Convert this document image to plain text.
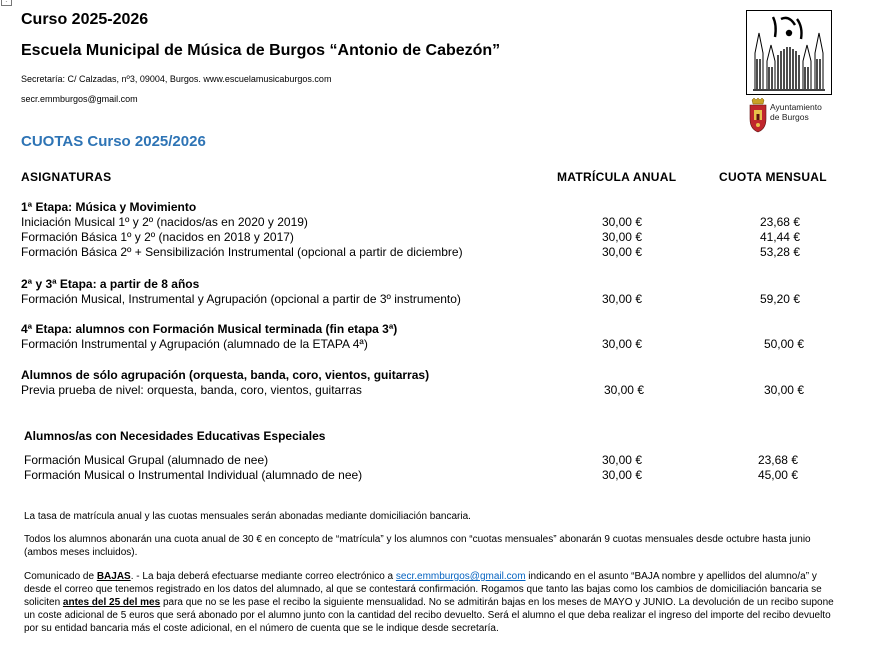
-
Curso 2025-2026
Escuela Municipal de Música de Burgos “Antonio de Cabezón”
Secretaría: C/ Calzadas, nº3, 09004, Burgos. www.escuelamusicaburgos.com
secr.emmburgos@gmail.com
Ayuntamiento
de Burgos
CUOTAS Curso 2025/2026
ASIGNATURAS	MATRÍCULA ANUAL	CUOTA MENSUAL
1ª Etapa: Música y Movimiento
Iniciación Musical 1º y 2º (nacidos/as en 2020 y 2019)	30,00 €	23,68 €
Formación Básica 1º y 2º (nacidos en 2018 y 2017)	30,00 €	41,44 €
Formación Básica 2º + Sensibilización Instrumental (opcional a partir de diciembre)	30,00 €	53,28 €
2ª y 3ª Etapa: a partir de 8 años
Formación Musical, Instrumental y Agrupación (opcional a partir de 3º instrumento)	30,00 €	59,20 €
4ª Etapa: alumnos con Formación Musical terminada (fin etapa 3ª)
Formación Instrumental y Agrupación (alumnado de la ETAPA 4ª)	30,00 €	50,00 €
Alumnos de sólo agrupación (orquesta, banda, coro, vientos, guitarras)
Previa prueba de nivel: orquesta, banda, coro, vientos, guitarras	30,00 €	30,00 €
Alumnos/as con Necesidades Educativas Especiales
Formación Musical Grupal (alumnado de nee)	30,00 €	23,68 €
Formación Musical o Instrumental Individual (alumnado de nee)	30,00 €	45,00 €
La tasa de matrícula anual y las cuotas mensuales serán abonadas mediante domiciliación bancaria.
Todos los alumnos abonarán una cuota anual de 30 € en concepto de “matrícula” y los alumnos con “cuotas mensuales” abonarán 9 cuotas mensuales desde octubre hasta junio (ambos meses incluidos).
Comunicado de BAJAS. - La baja deberá efectuarse mediante correo electrónico a secr.emmburgos@gmail.com indicando en el asunto “BAJA nombre y apellidos del alumno/a” y desde el correo que tenemos registrado en los datos del alumnado, al que se contestará confirmación. Rogamos que tanto las bajas como los cambios de domiciliación bancaria se soliciten antes del 25 del mes para que no se les pase el recibo la siguiente mensualidad. No se admitirán bajas en los meses de MAYO y JUNIO. La devolución de un recibo supone un coste adicional de 5 euros que será abonado por el alumno junto con la cantidad del recibo devuelto. Será el alumno el que deba realizar el ingreso del importe del recibo devuelto por su entidad bancaria más el coste adicional, en el número de cuenta que se le indique desde secretaría.
